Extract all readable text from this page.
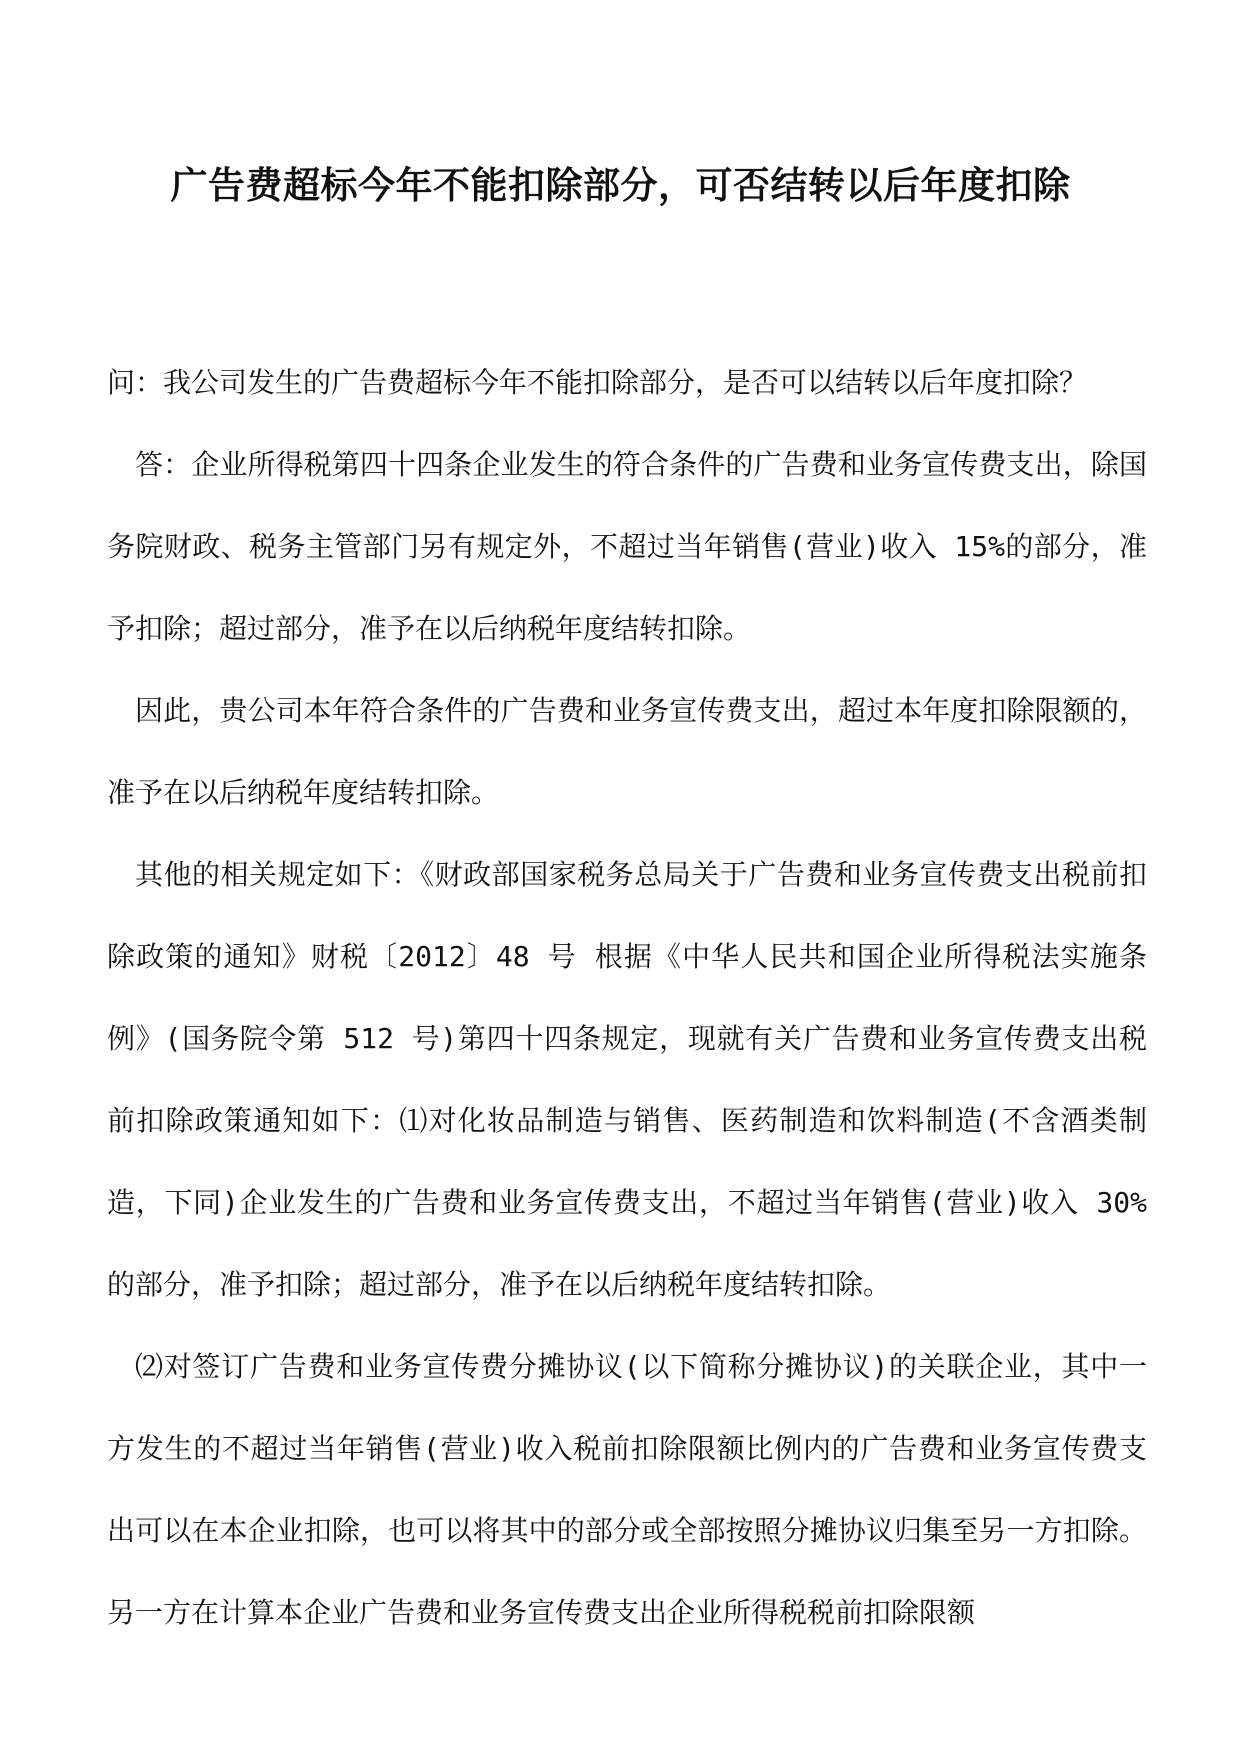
广告费超标今年不能扣除部分，可否结转以后年度扣除

问：我公司发生的广告费超标今年不能扣除部分，是否可以结转以后年度扣除？

答：企业所得税第四十四条企业发生的符合条件的广告费和业务宣传费支出，除国务院财政、税务主管部门另有规定外，不超过当年销售(营业)收入 15%的部分，准予扣除；超过部分，准予在以后纳税年度结转扣除。

因此，贵公司本年符合条件的广告费和业务宣传费支出，超过本年度扣除限额的，准予在以后纳税年度结转扣除。

其他的相关规定如下：《财政部国家税务总局关于广告费和业务宣传费支出税前扣除政策的通知》财税〔2012〕48 号 根据《中华人民共和国企业所得税法实施条例》(国务院令第 512 号)第四十四条规定，现就有关广告费和业务宣传费支出税前扣除政策通知如下：⑴对化妆品制造与销售、医药制造和饮料制造(不含酒类制造，下同)企业发生的广告费和业务宣传费支出，不超过当年销售(营业)收入 30%的部分，准予扣除；超过部分，准予在以后纳税年度结转扣除。

⑵对签订广告费和业务宣传费分摊协议(以下简称分摊协议)的关联企业，其中一方发生的不超过当年销售(营业)收入税前扣除限额比例内的广告费和业务宣传费支出可以在本企业扣除，也可以将其中的部分或全部按照分摊协议归集至另一方扣除。另一方在计算本企业广告费和业务宣传费支出企业所得税税前扣除限额
